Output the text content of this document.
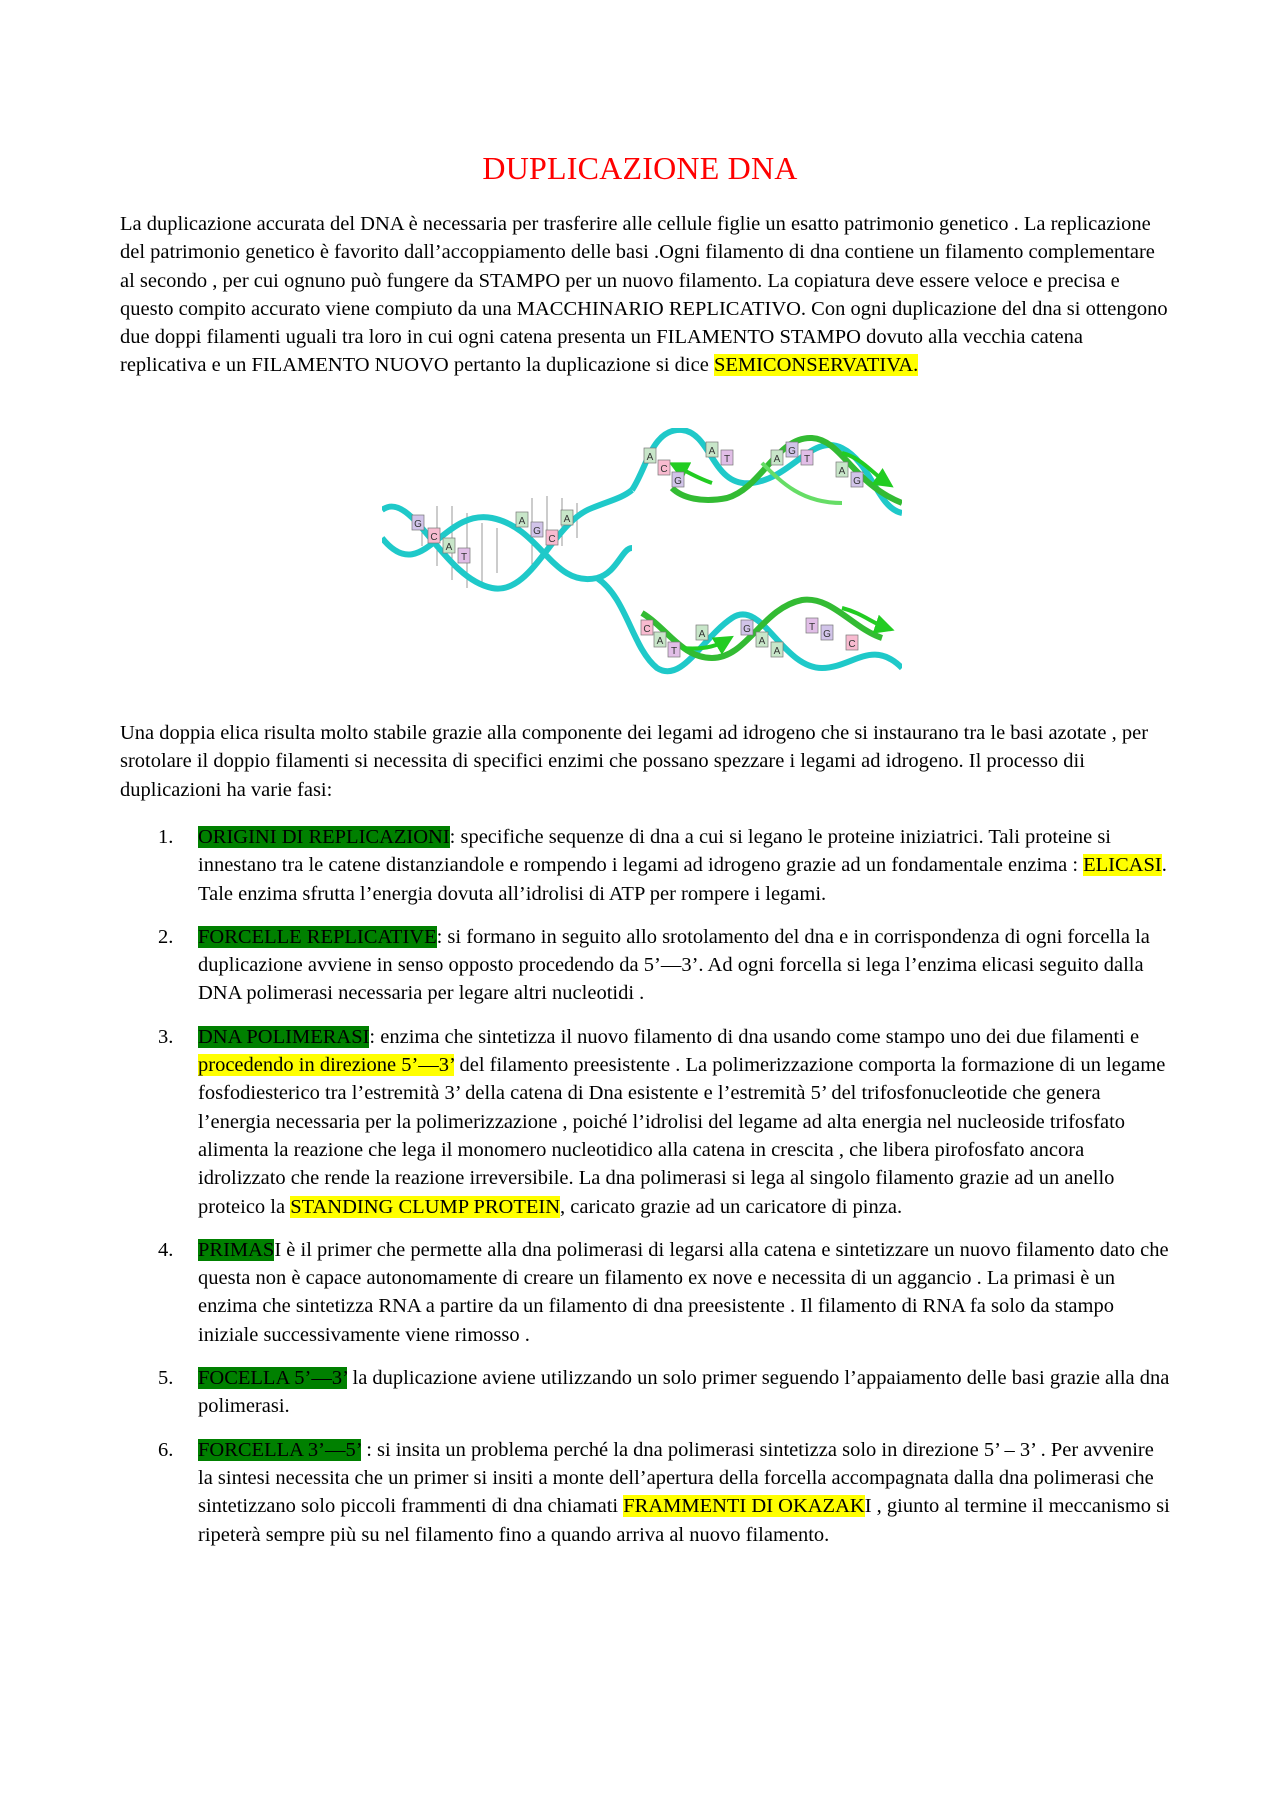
DUPLICAZIONE DNA
La duplicazione accurata del DNA è necessaria per trasferire alle cellule figlie un esatto patrimonio genetico . La replicazione del patrimonio genetico è favorito dall’accoppiamento delle basi .Ogni filamento di dna contiene un filamento complementare al secondo , per cui ognuno può fungere da STAMPO per un nuovo filamento. La copiatura deve essere veloce e precisa e questo compito accurato viene compiuto da una MACCHINARIO REPLICATIVO. Con ogni duplicazione del dna si ottengono due doppi filamenti uguali tra loro in cui ogni catena presenta un FILAMENTO STAMPO dovuto alla vecchia catena replicativa e un FILAMENTO NUOVO pertanto la duplicazione si dice SEMICONSERVATIVA.
G
C
A
T
A
G
C
A
A
C
G
A
T	A
G
T
A
G
C
A
T
A	G
A
A
T
G
C
Una doppia elica risulta molto stabile grazie alla componente dei legami ad idrogeno che si instaurano tra le basi azotate , per srotolare il doppio filamenti si necessita di specifici enzimi che possano spezzare i legami ad idrogeno. Il processo dii duplicazioni ha varie fasi:
1. ORIGINI DI REPLICAZIONI: specifiche sequenze di dna a cui si legano le proteine iniziatrici. Tali proteine si innestano tra le catene distanziandole e rompendo i legami ad idrogeno grazie ad un fondamentale enzima : ELICASI. Tale enzima sfrutta l’energia dovuta all’idrolisi di ATP per rompere i legami.
2. FORCELLE REPLICATIVE: si formano in seguito allo srotolamento del dna e in corrispondenza di ogni forcella la duplicazione avviene in senso opposto procedendo da 5’—3’. Ad ogni forcella si lega l’enzima elicasi seguito dalla DNA polimerasi necessaria per legare altri nucleotidi .
3. DNA POLIMERASI: enzima che sintetizza il nuovo filamento di dna usando come stampo uno dei due filamenti e procedendo in direzione 5’—3’ del filamento preesistente . La polimerizzazione comporta la formazione di un legame fosfodiesterico tra l’estremità 3’ della catena di Dna esistente e l’estremità 5’ del trifosfonucleotide che genera l’energia necessaria per la polimerizzazione , poiché l’idrolisi del legame ad alta energia nel nucleoside trifosfato alimenta la reazione che lega il monomero nucleotidico alla catena in crescita , che libera pirofosfato ancora idrolizzato che rende la reazione irreversibile. La dna polimerasi si lega al singolo filamento grazie ad un anello proteico la STANDING CLUMP PROTEIN, caricato grazie ad un caricatore di pinza.
4. PRIMASI è il primer che permette alla dna polimerasi di legarsi alla catena e sintetizzare un nuovo filamento dato che questa non è capace autonomamente di creare un filamento ex nove e necessita di un aggancio . La primasi è un enzima che sintetizza RNA a partire da un filamento di dna preesistente . Il filamento di RNA fa solo da stampo iniziale successivamente viene rimosso .
5. FOCELLA 5’—3’ la duplicazione aviene utilizzando un solo primer seguendo l’appaiamento delle basi grazie alla dna polimerasi.
6. FORCELLA 3’—5’ : si insita un problema perché la dna polimerasi sintetizza solo in direzione 5’ – 3’ . Per avvenire la sintesi necessita che un primer si insiti a monte dell’apertura della forcella accompagnata dalla dna polimerasi che sintetizzano solo piccoli frammenti di dna chiamati FRAMMENTI DI OKAZAKI , giunto al termine il meccanismo si ripeterà sempre più su nel filamento fino a quando arriva al nuovo filamento.
